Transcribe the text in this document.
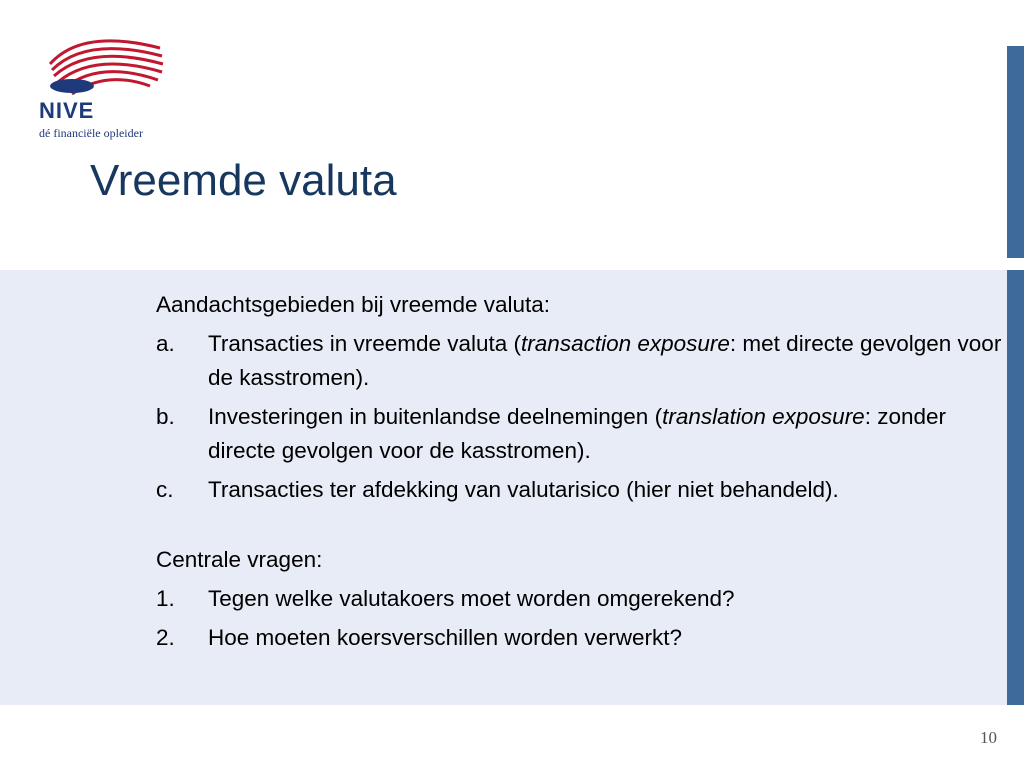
NIVE
dé financiële opleider
Vreemde valuta

Aandachtsgebieden bij vreemde valuta:

a.	Transacties in vreemde valuta (transaction exposure: met directe gevolgen voor de kasstromen).
b.	Investeringen in buitenlandse deelnemingen (translation exposure: zonder directe gevolgen voor de kasstromen).
c.	Transacties ter afdekking van valutarisico (hier niet behandeld).

Centrale vragen:

1.	Tegen welke valutakoers moet worden omgerekend?
2.	Hoe moeten koersverschillen worden verwerkt?
10
